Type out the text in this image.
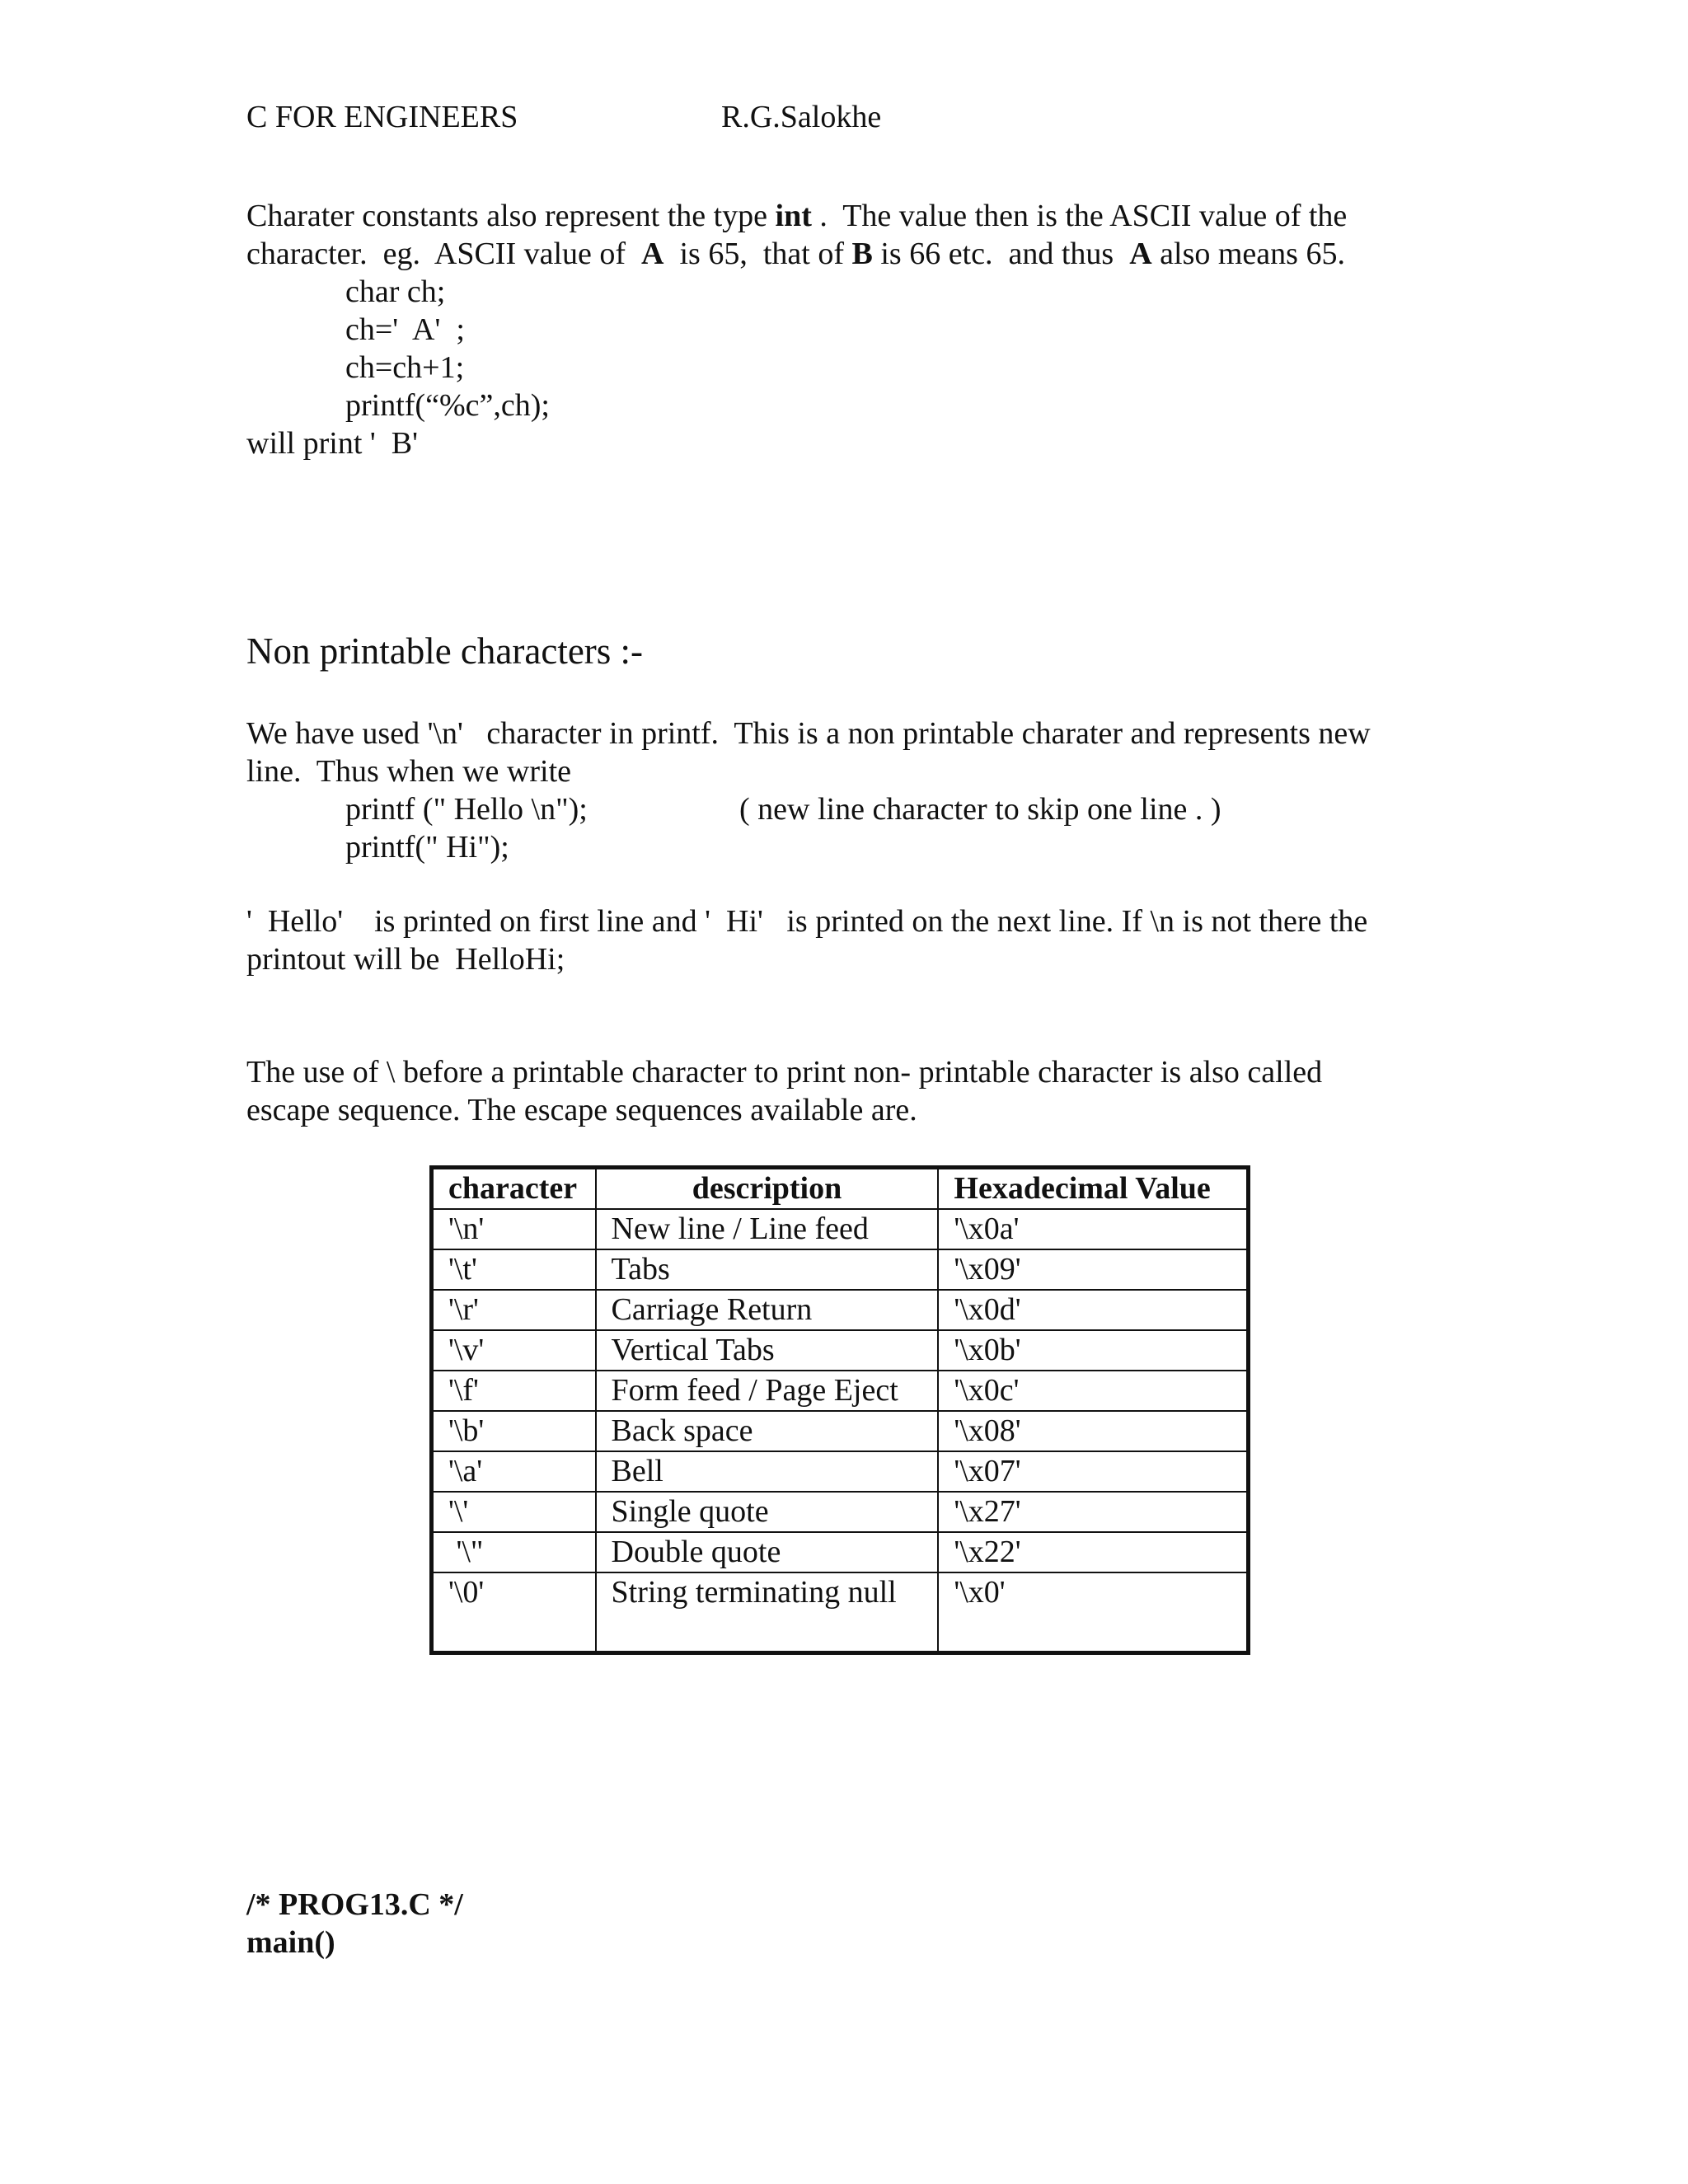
C FOR ENGINEERS	R.G.Salokhe
Charater constants also represent the type int .  The value then is the ASCII value of the
character.  eg.  ASCII value of  A  is 65,  that of B is 66 etc.  and thus  A also means 65.
char ch;
ch='  A'  ;
ch=ch+1;
printf(“%c”,ch);
will print '  B'
Non printable characters :-
We have used '\n'   character in printf.  This is a non printable charater and represents new
line.  Thus when we write
printf (" Hello \n");	( new line character to skip one line . )
printf(" Hi");
'  Hello'    is printed on first line and '  Hi'   is printed on the next line. If \n is not there the
printout will be  HelloHi;
The use of \ before a printable character to print non- printable character is also called
escape sequence. The escape sequences available are.
character	description	Hexadecimal Value
'\n'	New line / Line feed	'\x0a'
'\t'	Tabs	'\x09'
'\r'	Carriage Return	'\x0d'
'\v'	Vertical Tabs	'\x0b'
'\f'	Form feed / Page Eject	'\x0c'
'\b'	Back space	'\x08'
'\a'	Bell	'\x07'
'\'	Single quote	'\x27'
'\"	Double quote	'\x22'
'\0'	String terminating null	'\x0'
/* PROG13.C */
main()
